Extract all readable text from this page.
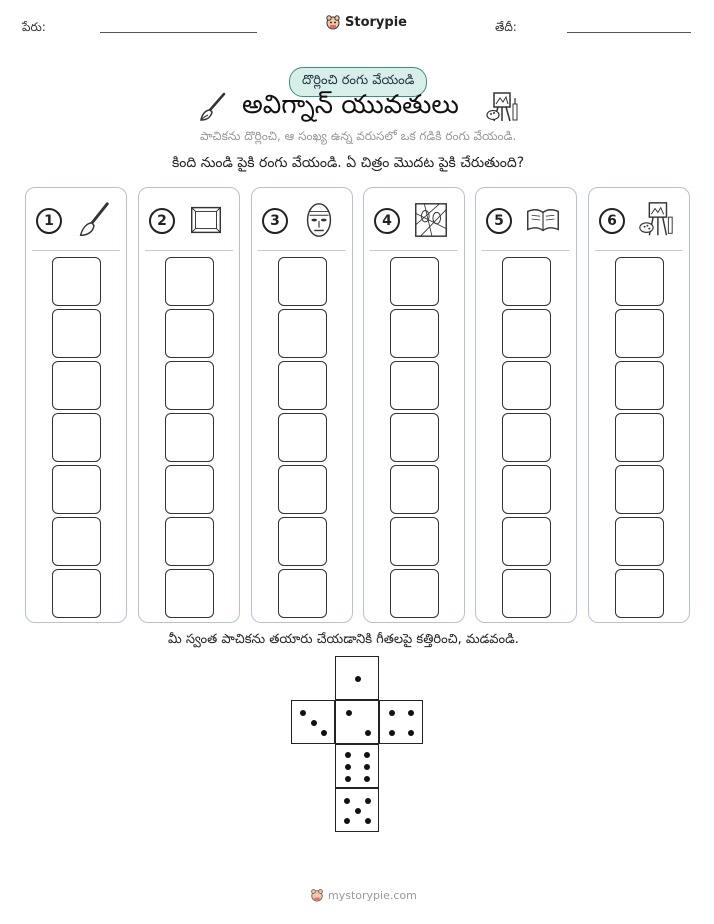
పేరు:	Storypie	తేదీ:
దొర్లించి రంగు వేయండి
అవిగ్నాన్ యువతులు
పాచికను దొర్లించి, ఆ సంఖ్య ఉన్న వరుసలో ఒక గడికి రంగు వేయండి.
కింది నుండి పైకి రంగు వేయండి. ఏ చిత్రం మొదట పైకి చేరుతుంది?
1	2	3	4	5	6
మీ స్వంత పాచికను తయారు చేయడానికి గీతలపై కత్తిరించి, మడవండి.
mystorypie.com
